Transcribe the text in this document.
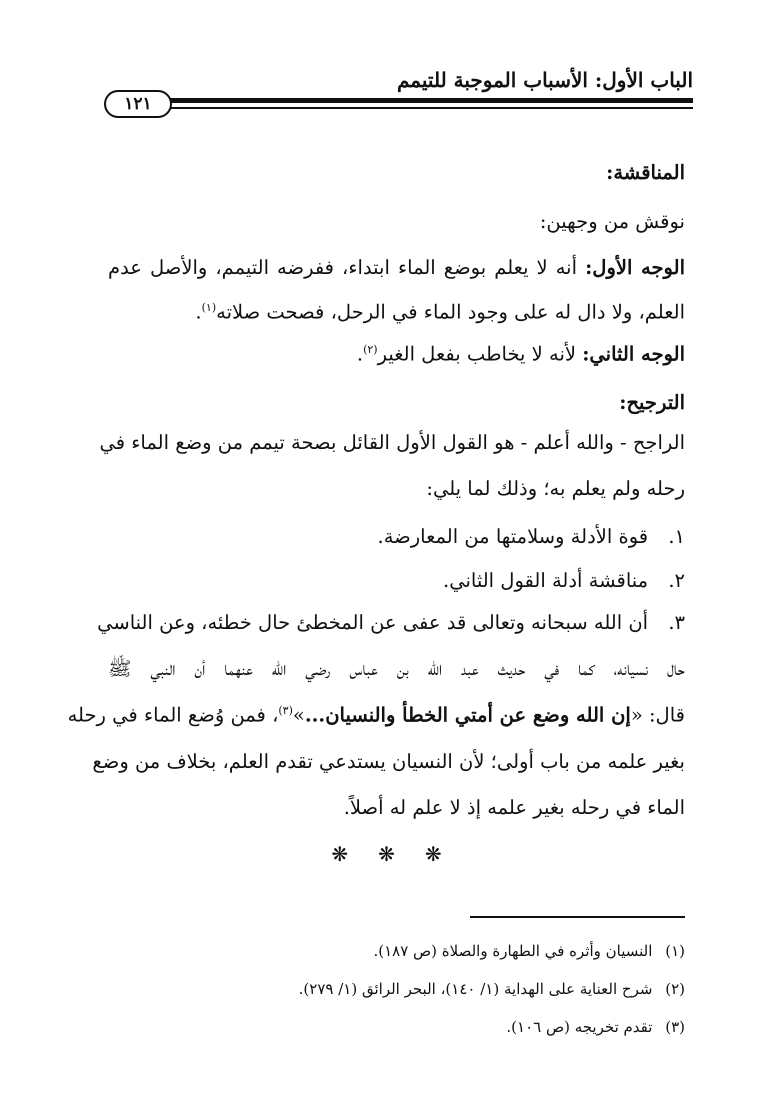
الباب الأول: الأسباب الموجبة للتيمم
١٢١
المناقشة:
نوقش من وجهين:
الوجه الأول: أنه لا يعلم بوضع الماء ابتداء، ففرضه التيمم، والأصل عدم
العلم، ولا دال له على وجود الماء في الرحل، فصحت صلاته$^{(١)}$.
الوجه الثاني: لأنه لا يخاطب بفعل الغير$^{(٢)}$.
الترجيح:
الراجح - والله أعلم - هو القول الأول القائل بصحة تيمم من وضع الماء في
رحله ولم يعلم به؛ وذلك لما يلي:
١. قوة الأدلة وسلامتها من المعارضة.
٢. مناقشة أدلة القول الثاني.
٣. أن الله سبحانه وتعالى قد عفى عن المخطئ حال خطئه، وعن الناسي
حال نسيانه، كما في حديث عبد الله بن عباس رضي الله عنهما أن النبي ﷺ
قال: «إن الله وضع عن أمتي الخطأ والنسيان...»$^{(٣)}$، فمن وُضع الماء في رحله
بغير علمه من باب أولى؛ لأن النسيان يستدعي تقدم العلم، بخلاف من وضع
الماء في رحله بغير علمه إذ لا علم له أصلاً.
❋ ❋ ❋
(١) النسيان وأثره في الطهارة والصلاة (ص ١٨٧).
(٢) شرح العناية على الهداية (١/ ١٤٠)، البحر الرائق (١/ ٢٧٩).
(٣) تقدم تخريجه (ص ١٠٦).
